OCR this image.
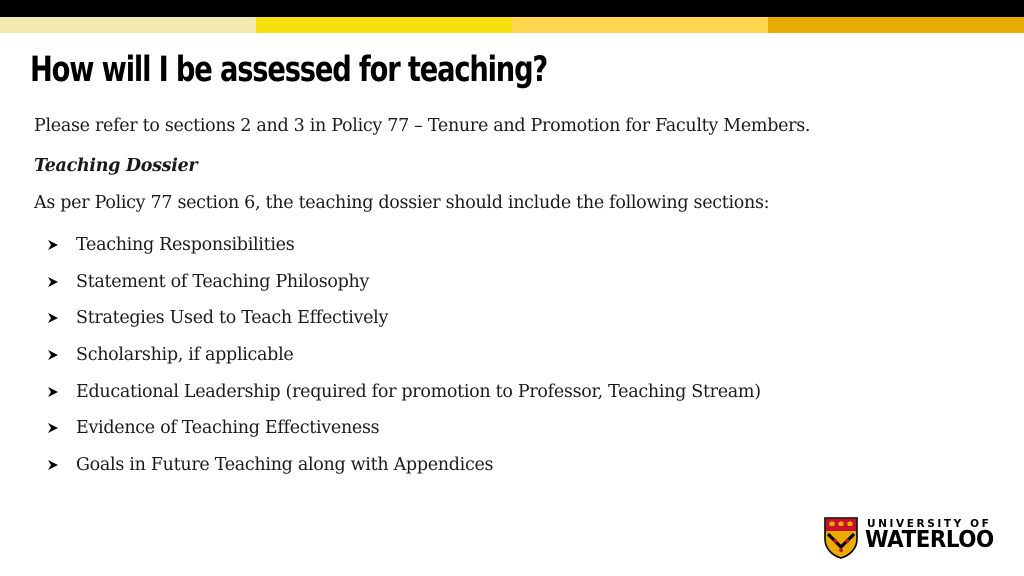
How will I be assessed for teaching?

Please refer to sections 2 and 3 in Policy 77 – Tenure and Promotion for Faculty Members.

Teaching Dossier

As per Policy 77 section 6, the teaching dossier should include the following sections:

Teaching Responsibilities
Statement of Teaching Philosophy
Strategies Used to Teach Effectively
Scholarship, if applicable
Educational Leadership (required for promotion to Professor, Teaching Stream)
Evidence of Teaching Effectiveness
Goals in Future Teaching along with Appendices
UNIVERSITY OF
WATERLOO
